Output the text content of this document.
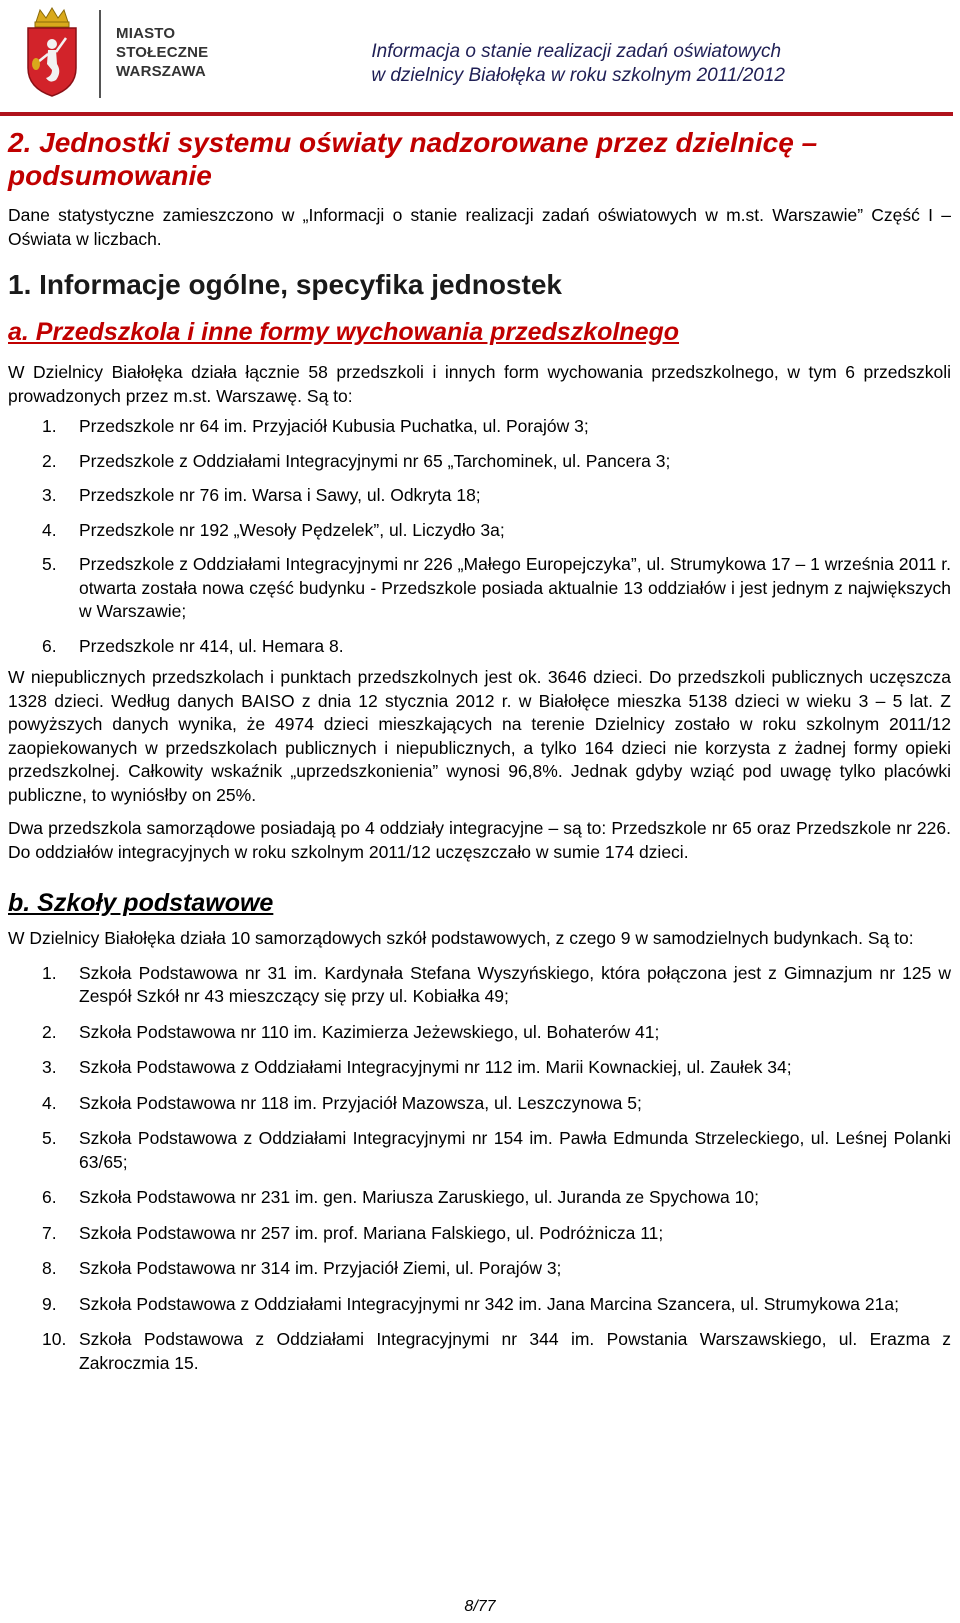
MIASTO
STOŁECZNE
WARSZAWA
Informacja o stanie realizacji zadań oświatowych
w dzielnicy Białołęka w roku szkolnym 2011/2012
2. Jednostki systemu oświaty nadzorowane przez dzielnicę – podsumowanie

Dane statystyczne zamieszczono w „Informacji o stanie realizacji zadań oświatowych w m.st. Warszawie” Część I – Oświata w liczbach.

1. Informacje ogólne, specyfika jednostek
a. Przedszkola i inne formy wychowania przedszkolnego

W Dzielnicy Białołęka działa łącznie 58 przedszkoli i innych form wychowania przedszkolnego, w tym 6 przedszkoli prowadzonych przez m.st. Warszawę. Są to:

1. Przedszkole nr 64 im. Przyjaciół Kubusia Puchatka, ul. Porajów 3;
2. Przedszkole z Oddziałami Integracyjnymi nr 65 „Tarchominek, ul. Pancera 3;
3. Przedszkole nr 76 im. Warsa i Sawy, ul. Odkryta 18;
4. Przedszkole nr 192 „Wesoły Pędzelek”, ul. Liczydło 3a;
5. Przedszkole z Oddziałami Integracyjnymi nr 226 „Małego Europejczyka”, ul. Strumykowa 17 – 1 września 2011 r. otwarta została nowa część budynku - Przedszkole posiada aktualnie 13 oddziałów i jest jednym z największych w Warszawie;
6. Przedszkole nr 414, ul. Hemara 8.

W niepublicznych przedszkolach i punktach przedszkolnych jest ok. 3646 dzieci. Do przedszkoli publicznych uczęszcza 1328 dzieci. Według danych BAISO z dnia 12 stycznia 2012 r. w Białołęce mieszka 5138 dzieci w wieku 3 – 5 lat. Z powyższych danych wynika, że 4974 dzieci mieszkających na terenie Dzielnicy zostało w roku szkolnym 2011/12 zaopiekowanych w przedszkolach publicznych i niepublicznych, a tylko 164 dzieci nie korzysta z żadnej formy opieki przedszkolnej. Całkowity wskaźnik „uprzedszkonienia” wynosi 96,8%. Jednak gdyby wziąć pod uwagę tylko placówki publiczne, to wyniósłby on 25%.

Dwa przedszkola samorządowe posiadają po 4 oddziały integracyjne – są to: Przedszkole nr 65 oraz Przedszkole nr 226. Do oddziałów integracyjnych w roku szkolnym 2011/12 uczęszczało w sumie 174 dzieci.

b. Szkoły podstawowe

W Dzielnicy Białołęka działa 10 samorządowych szkół podstawowych, z czego 9 w samodzielnych budynkach. Są to:

1. Szkoła Podstawowa nr 31 im. Kardynała Stefana Wyszyńskiego, która połączona jest z Gimnazjum nr 125 w Zespół Szkół nr 43 mieszczący się przy ul. Kobiałka 49;
2. Szkoła Podstawowa nr 110 im. Kazimierza Jeżewskiego, ul. Bohaterów 41;
3. Szkoła Podstawowa z Oddziałami Integracyjnymi nr 112 im. Marii Kownackiej, ul. Zaułek 34;
4. Szkoła Podstawowa nr 118 im. Przyjaciół Mazowsza, ul. Leszczynowa 5;
5. Szkoła Podstawowa z Oddziałami Integracyjnymi nr 154 im. Pawła Edmunda Strzeleckiego, ul. Leśnej Polanki 63/65;
6. Szkoła Podstawowa nr 231 im. gen. Mariusza Zaruskiego, ul. Juranda ze Spychowa 10;
7. Szkoła Podstawowa nr 257 im. prof. Mariana Falskiego, ul. Podróżnicza 11;
8. Szkoła Podstawowa nr 314 im. Przyjaciół Ziemi, ul. Porajów 3;
9. Szkoła Podstawowa z Oddziałami Integracyjnymi nr 342 im. Jana Marcina Szancera, ul. Strumykowa 21a;
10. Szkoła Podstawowa z Oddziałami Integracyjnymi nr 344 im. Powstania Warszawskiego, ul. Erazma z Zakroczmia 15.
8/77
